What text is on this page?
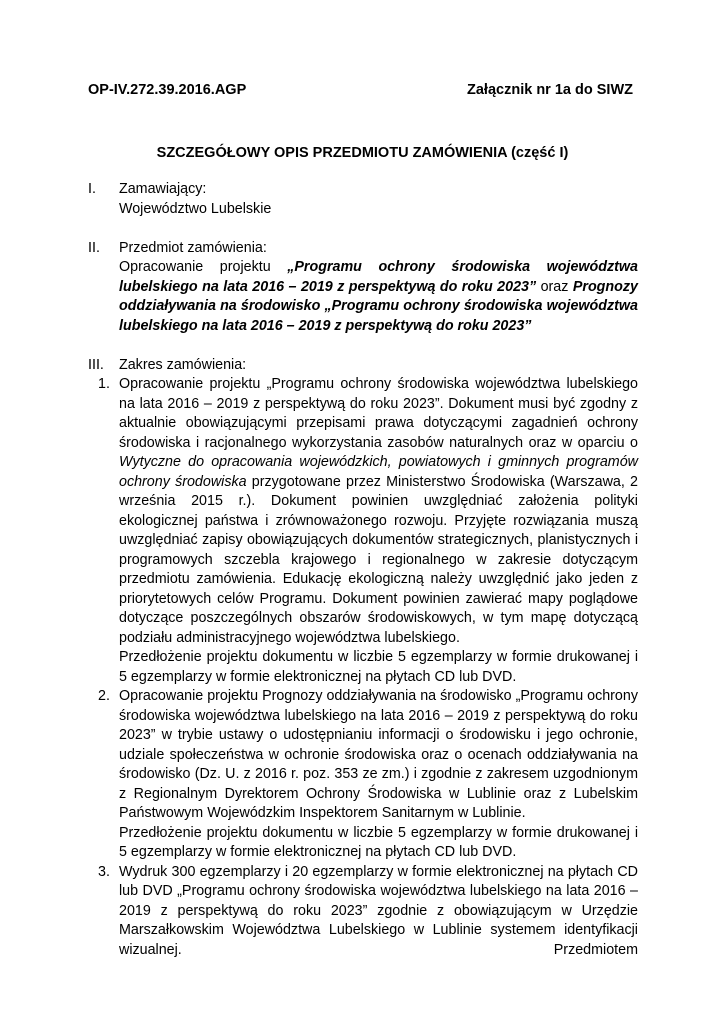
OP-IV.272.39.2016.AGP	Załącznik nr 1a do SIWZ
SZCZEGÓŁOWY OPIS PRZEDMIOTU ZAMÓWIENIA (część I)
I. Zamawiający:
Województwo Lubelskie
II. Przedmiot zamówienia:
Opracowanie projektu „Programu ochrony środowiska województwa lubelskiego na lata 2016 – 2019 z perspektywą do roku 2023” oraz Prognozy oddziaływania na środowisko „Programu ochrony środowiska województwa lubelskiego na lata 2016 – 2019 z perspektywą do roku 2023”
III. Zakres zamówienia:
1. Opracowanie projektu „Programu ochrony środowiska województwa lubelskiego na lata 2016 – 2019 z perspektywą do roku 2023”. Dokument musi być zgodny z aktualnie obowiązującymi przepisami prawa dotyczącymi zagadnień ochrony środowiska i racjonalnego wykorzystania zasobów naturalnych oraz w oparciu o Wytyczne do opracowania wojewódzkich, powiatowych i gminnych programów ochrony środowiska przygotowane przez Ministerstwo Środowiska (Warszawa, 2 września 2015 r.). Dokument powinien uwzględniać założenia polityki ekologicznej państwa i zrównoważonego rozwoju. Przyjęte rozwiązania muszą uwzględniać zapisy obowiązujących dokumentów strategicznych, planistycznych i programowych szczebla krajowego i regionalnego w zakresie dotyczącym przedmiotu zamówienia. Edukację ekologiczną należy uwzględnić jako jeden z priorytetowych celów Programu. Dokument powinien zawierać mapy poglądowe dotyczące poszczególnych obszarów środowiskowych, w tym mapę dotyczącą podziału administracyjnego województwa lubelskiego.
Przedłożenie projektu dokumentu w liczbie 5 egzemplarzy w formie drukowanej i 5 egzemplarzy w formie elektronicznej na płytach CD lub DVD.
2. Opracowanie projektu Prognozy oddziaływania na środowisko „Programu ochrony środowiska województwa lubelskiego na lata 2016 – 2019 z perspektywą do roku 2023” w trybie ustawy o udostępnianiu informacji o środowisku i jego ochronie, udziale społeczeństwa w ochronie środowiska oraz o ocenach oddziaływania na środowisko (Dz. U. z 2016 r. poz. 353 ze zm.) i zgodnie z zakresem uzgodnionym z Regionalnym Dyrektorem Ochrony Środowiska w Lublinie oraz z Lubelskim Państwowym Wojewódzkim Inspektorem Sanitarnym w Lublinie.
Przedłożenie projektu dokumentu w liczbie 5 egzemplarzy w formie drukowanej i 5 egzemplarzy w formie elektronicznej na płytach CD lub DVD.
3. Wydruk 300 egzemplarzy i 20 egzemplarzy w formie elektronicznej na płytach CD lub DVD „Programu ochrony środowiska województwa lubelskiego na lata 2016 – 2019 z perspektywą do roku 2023” zgodnie z obowiązującym w Urzędzie Marszałkowskim Województwa Lubelskiego w Lublinie systemem identyfikacji wizualnej. Przedmiotem
